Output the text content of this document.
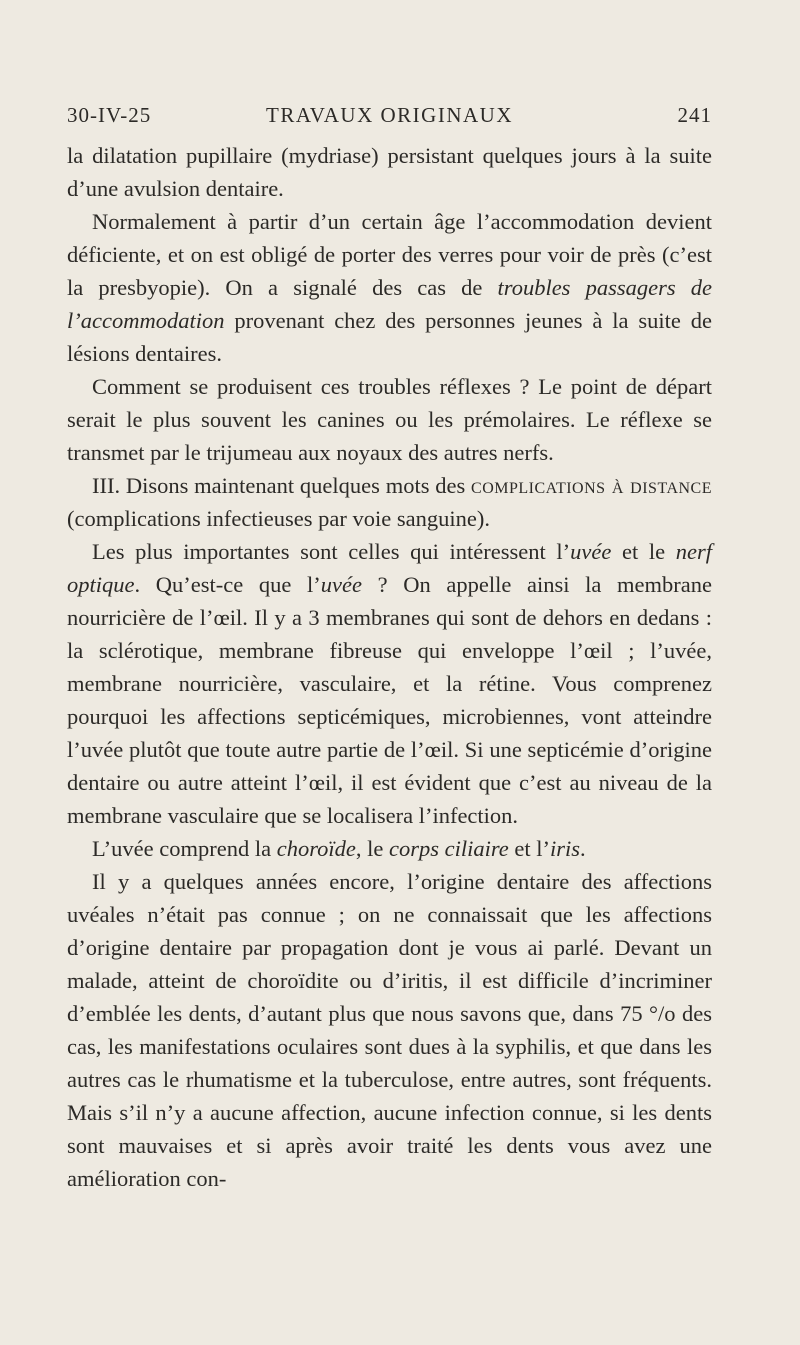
30-IV-25	TRAVAUX ORIGINAUX	241

la dilatation pupillaire (mydriase) persistant quelques jours à la suite d’une avulsion dentaire.

Normalement à partir d’un certain âge l’accommodation devient déficiente, et on est obligé de porter des verres pour voir de près (c’est la presbyopie). On a signalé des cas de troubles passagers de l’accommodation provenant chez des personnes jeunes à la suite de lésions dentaires.

Comment se produisent ces troubles réflexes ? Le point de départ serait le plus souvent les canines ou les prémolaires. Le réflexe se transmet par le trijumeau aux noyaux des autres nerfs.

III. Disons maintenant quelques mots des complications à distance (complications infectieuses par voie sanguine).

Les plus importantes sont celles qui intéressent l’uvée et le nerf optique. Qu’est-ce que l’uvée ? On appelle ainsi la membrane nourricière de l’œil. Il y a 3 membranes qui sont de dehors en dedans : la sclérotique, membrane fibreuse qui enveloppe l’œil ; l’uvée, membrane nourricière, vasculaire, et la rétine. Vous comprenez pourquoi les affections septicémiques, microbiennes, vont atteindre l’uvée plutôt que toute autre partie de l’œil. Si une septicémie d’origine dentaire ou autre atteint l’œil, il est évident que c’est au niveau de la membrane vasculaire que se localisera l’infection.

L’uvée comprend la choroïde, le corps ciliaire et l’iris.

Il y a quelques années encore, l’origine dentaire des affections uvéales n’était pas connue ; on ne connaissait que les affections d’origine dentaire par propagation dont je vous ai parlé. Devant un malade, atteint de choroïdite ou d’iritis, il est difficile d’incriminer d’emblée les dents, d’autant plus que nous savons que, dans 75 °/o des cas, les manifestations oculaires sont dues à la syphilis, et que dans les autres cas le rhumatisme et la tuberculose, entre autres, sont fréquents. Mais s’il n’y a aucune affection, aucune infection connue, si les dents sont mauvaises et si après avoir traité les dents vous avez une amélioration con-
